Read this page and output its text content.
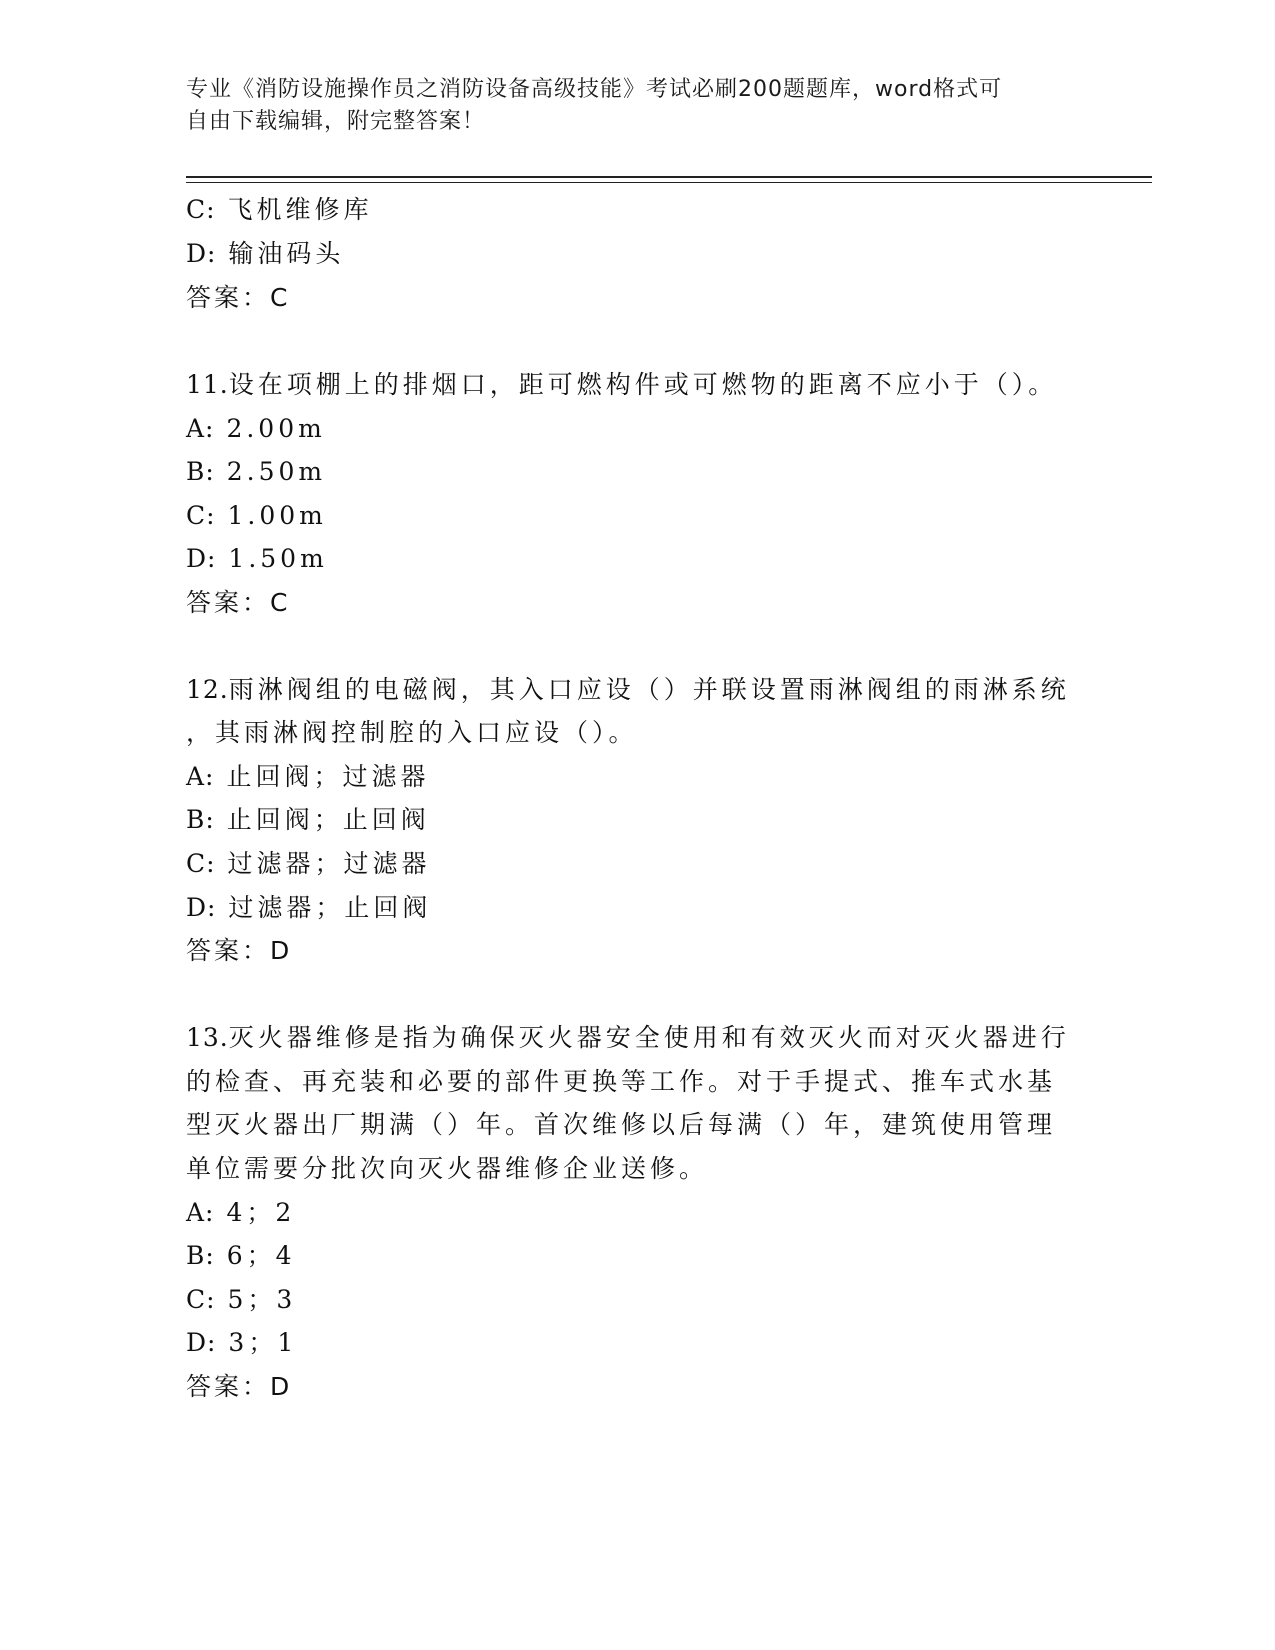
专业《消防设施操作员之消防设备高级技能》考试必刷200题题库，word格式可
自由下载编辑，附完整答案！
C: 飞机维修库
D: 输油码头
答案：C
11.设在项棚上的排烟口，距可燃构件或可燃物的距离不应小于（）。
A: 2.00m
B: 2.50m
C: 1.00m
D: 1.50m
答案：C
12.雨淋阀组的电磁阀，其入口应设（）并联设置雨淋阀组的雨淋系统
，其雨淋阀控制腔的入口应设（）。
A: 止回阀；过滤器
B: 止回阀；止回阀
C: 过滤器；过滤器
D: 过滤器；止回阀
答案：D
13.灭火器维修是指为确保灭火器安全使用和有效灭火而对灭火器进行
的检查、再充装和必要的部件更换等工作。对于手提式、推车式水基
型灭火器出厂期满（）年。首次维修以后每满（）年，建筑使用管理
单位需要分批次向灭火器维修企业送修。
A: 4；2
B: 6；4
C: 5；3
D: 3；1
答案：D
